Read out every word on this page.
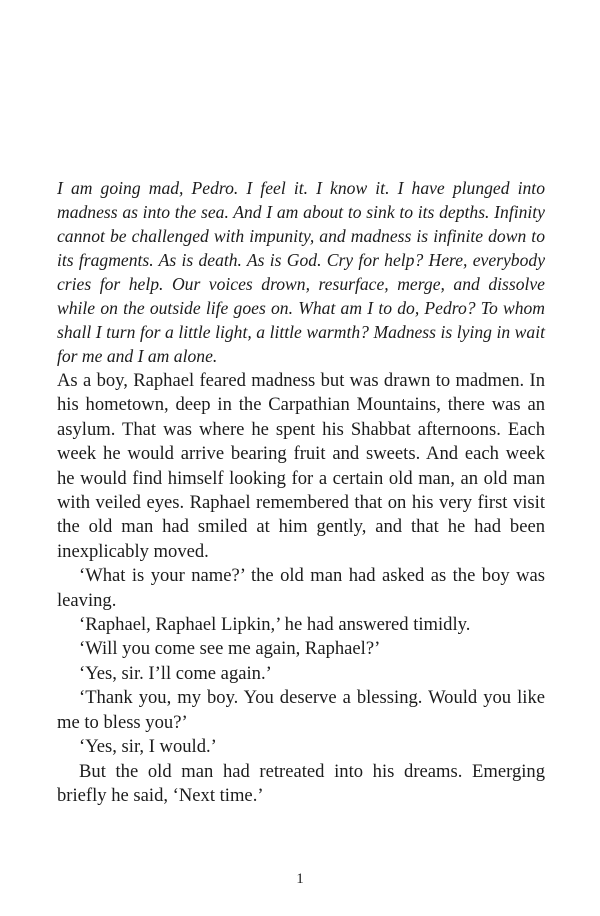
I am going mad, Pedro. I feel it. I know it. I have plunged into madness as into the sea. And I am about to sink to its depths. Infinity cannot be challenged with impunity, and madness is infinite down to its fragments. As is death. As is God. Cry for help? Here, everybody cries for help. Our voices drown, resurface, merge, and dissolve while on the outside life goes on. What am I to do, Pedro? To whom shall I turn for a little light, a little warmth? Madness is lying in wait for me and I am alone.

As a boy, Raphael feared madness but was drawn to madmen. In his hometown, deep in the Carpathian Mountains, there was an asylum. That was where he spent his Shabbat afternoons. Each week he would arrive bearing fruit and sweets. And each week he would find himself looking for a certain old man, an old man with veiled eyes. Raphael remembered that on his very first visit the old man had smiled at him gently, and that he had been inexplicably moved.

‘What is your name?’ the old man had asked as the boy was leaving.

‘Raphael, Raphael Lipkin,’ he had answered timidly.

‘Will you come see me again, Raphael?’

‘Yes, sir. I’ll come again.’

‘Thank you, my boy. You deserve a blessing. Would you like me to bless you?’

‘Yes, sir, I would.’

But the old man had retreated into his dreams. Emerging briefly he said, ‘Next time.’

1
